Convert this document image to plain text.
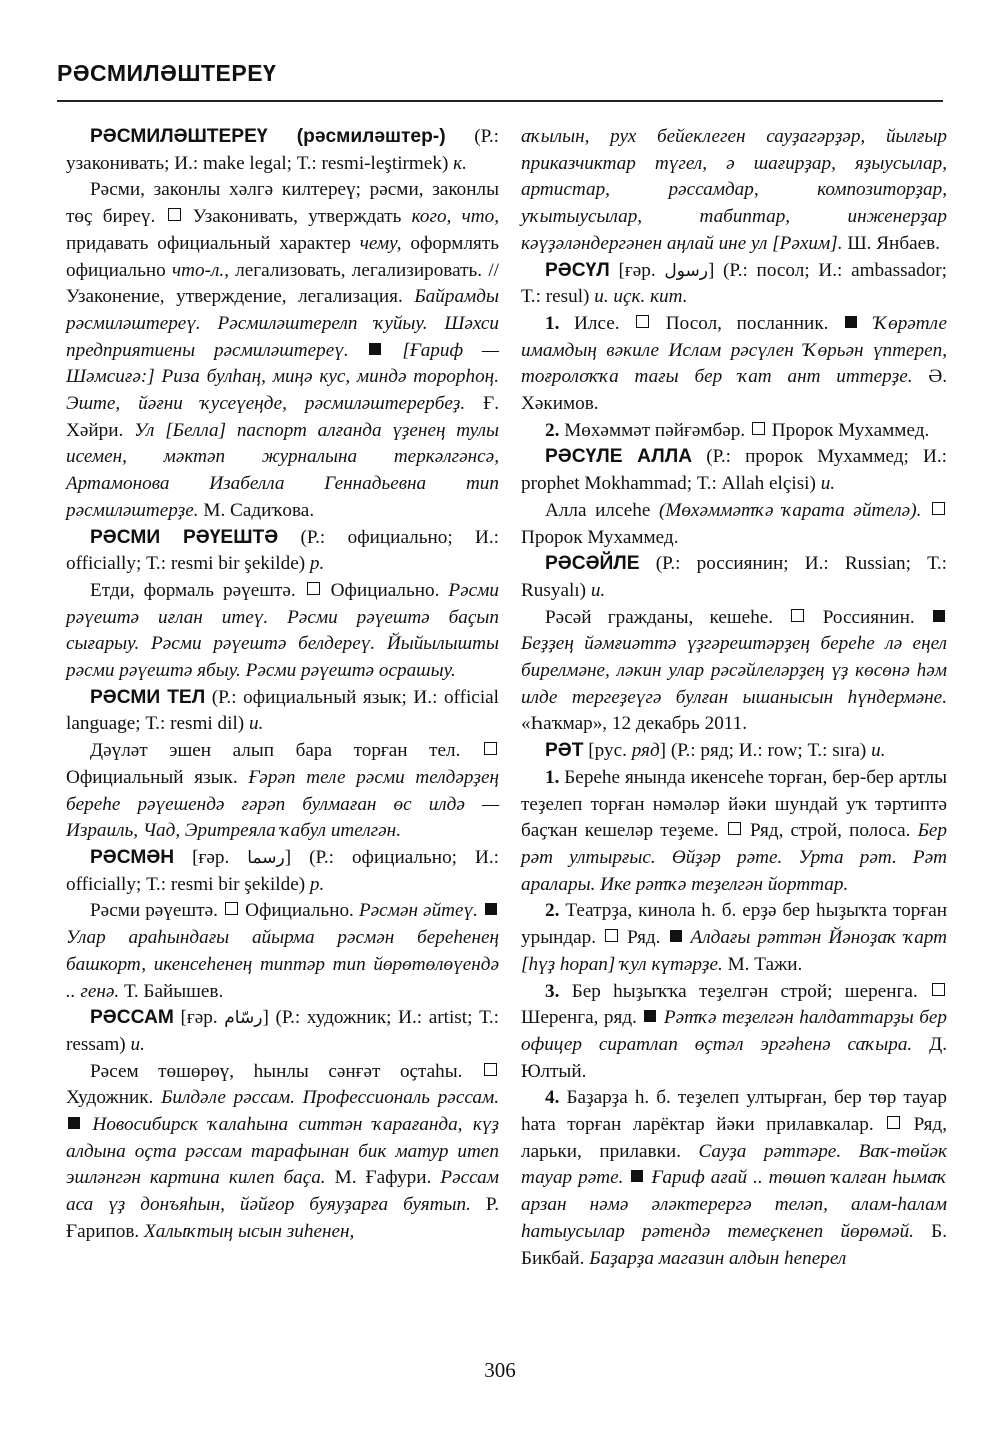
РӘСМИЛӘШТЕРЕҮ

РӘСМИЛӘШТЕРЕҮ (рәсмиләштер-) (Р.: узаконивать; И.: make legal; Т.: resmi-leştirmek) к.

Рәсми, законлы хәлгә килтереү; рәсми, законлы төҫ биреү.  Узаконивать, утверждать кого, что, придавать официальный характер чему, оформлять официально что-л., легализовать, легализировать. // Узаконение, утверждение, легализация. Байрамды рәсмиләштереү. Рәсмиләштерелп ҡуйыу. Шәхси предприятиены рәсмиләштереү.  [Ғариф — Шәмсиғә:] Риза булһаң, миңә кус, миндә торорһоң. Эште, йәғни ҡусеүеңде, рәсмиләштерербеҙ. Ғ. Хәйри. Ул [Белла] паспорт алғанда үҙенең тулы исемен, мәктәп журналына теркәлгәнсә, Артамонова Изабелла Геннадьевна тип рәсмиләштерҙе. М. Садиҡова.

РӘСМИ РӘҮЕШТӘ (Р.: официально; И.: officially; Т.: resmi bir şekilde) р.

Етди, формаль рәүештә.  Официально. Рәсми рәүештә иғлан итеү. Рәсми рәүештә баҫып сығарыу. Рәсми рәүештә белдереү. Йыйылышты рәсми рәүештә ябыу. Рәсми рәүештә осрашыу.

РӘСМИ ТЕЛ (Р.: официальный язык; И.: official language; Т.: resmi dil) и.

Дәүләт эшен алып бара торған тел.  Официальный язык. Ғәрәп теле рәсми телдәрҙең береһе рәүешендә ғәрәп булмаған өс илдә — Израиль, Чад, Эритреяла ҡабул ителгән.

РӘСМӘН [ғәр. رسما] (Р.: официально; И.: officially; Т.: resmi bir şekilde) р.

Рәсми рәүештә.  Официально. Рәсмән әйтеү.  Улар араһындағы айырма рәсмән береһенең башкорт, икенсеһенең типтәр тип йөрөтөлөүендә .. генә. Т. Байышев.

РӘССАМ [ғәр. رسّام] (Р.: художник; И.: artist; Т.: ressam) и.

Рәсем төшөрөү, һынлы сәнғәт оҫтаһы.  Художник. Билдәле рәссам. Профессиональ рәссам.  Новосибирск ҡалаһына ситтән ҡарағанда, күҙ алдына оҫта рәссам тарафынан бик матур итеп эшләнгән картина килеп баҫа. М. Ғафури. Рәссам аса үҙ донъяһын, йәйғор буяуҙарға буятып. Р. Ғарипов. Халыҡтың ысын зиһенен,

аҡылын, рух бейеклеген сауҙагәрҙәр, йылғыр приказчиктар түгел, ә шағирҙар, яҙыусылар, артистар, рәссамдар, композиторҙар, уҡытыусылар, табиптар, инженерҙар кәүҙәләндергәнен аңлай ине ул [Рәхим]. Ш. Янбаев.

РӘСҮЛ [ғәр. رسول] (Р.: посол; И.: ambassador; Т.: resul) и. иҫк. кит.

1. Илсе.  Посол, посланник.  Ҡөрәтле имамдың вәкиле Ислам рәсүлен Ҡөрьән үптереп, тоғролоҡҡа тағы бер ҡат ант иттерҙе. Ә. Хәкимов.

2. Мөхәммәт пәйғәмбәр.  Пророк Мухаммед.

РӘСҮЛЕ АЛЛА (Р.: пророк Мухаммед; И.: prophet Mokhammad; Т.: Allah elçisi) и.

Алла илсеһе (Мөхәммәтҡә ҡарата әйтелә).  Пророк Мухаммед.

РӘСӘЙЛЕ (Р.: россиянин; И.: Russian; Т.: Rusyalı) и.

Рәсәй гражданы, кешеһе.  Россиянин.  Беҙҙең йәмғиәттә үҙгәрештәрҙең береһе лә еңел бирелмәне, ләкин улар рәсәйлеләрҙең үҙ көсөнә һәм илде тергеҙеүгә булған ышанысын һүндермәне. «Һаҡмар», 12 декабрь 2011.

РӘТ [рус. ряд] (Р.: ряд; И.: row; Т.: sıra) и.

1. Береһе янында икенсеһе торған, бер-бер артлы теҙелеп торған нәмәләр йәки шундай уҡ тәртиптә баҫҡан кешеләр теҙеме.  Ряд, строй, полоса. Бер рәт ултырғыс. Өйҙәр рәте. Урта рәт. Рәт аралары. Ике рәтҡә теҙелгән йорттар.

2. Театрҙа, кинола һ. б. ерҙә бер һыҙыҡта торған урындар.  Ряд.  Алдағы рәттән Йәноҙаҡ ҡарт [һүҙ һорап] ҡул күтәрҙе. М. Тажи.

3. Бер һыҙыҡҡа теҙелгән строй; шеренга.  Шеренга, ряд.  Рәтҡә теҙелгән һалдаттарҙы бер офицер сиратлап өҫтәл эргәһенә саҡыра. Д. Юлтый.

4. Баҙарҙа һ. б. теҙелеп ултырған, бер төр тауар һата торған ларёктар йәки прилавкалар.  Ряд, ларьки, прилавки. Сауҙа рәттәре. Ваҡ-төйәк тауар рәте.  Ғариф ағай .. төшөп ҡалған һымаҡ арзан нәмә әләктерергә теләп, алам-һалам һатыусылар рәтендә темеҫкенеп йөрөмәй. Б. Бикбай. Баҙарҙа магазин алдын һеперел

306
